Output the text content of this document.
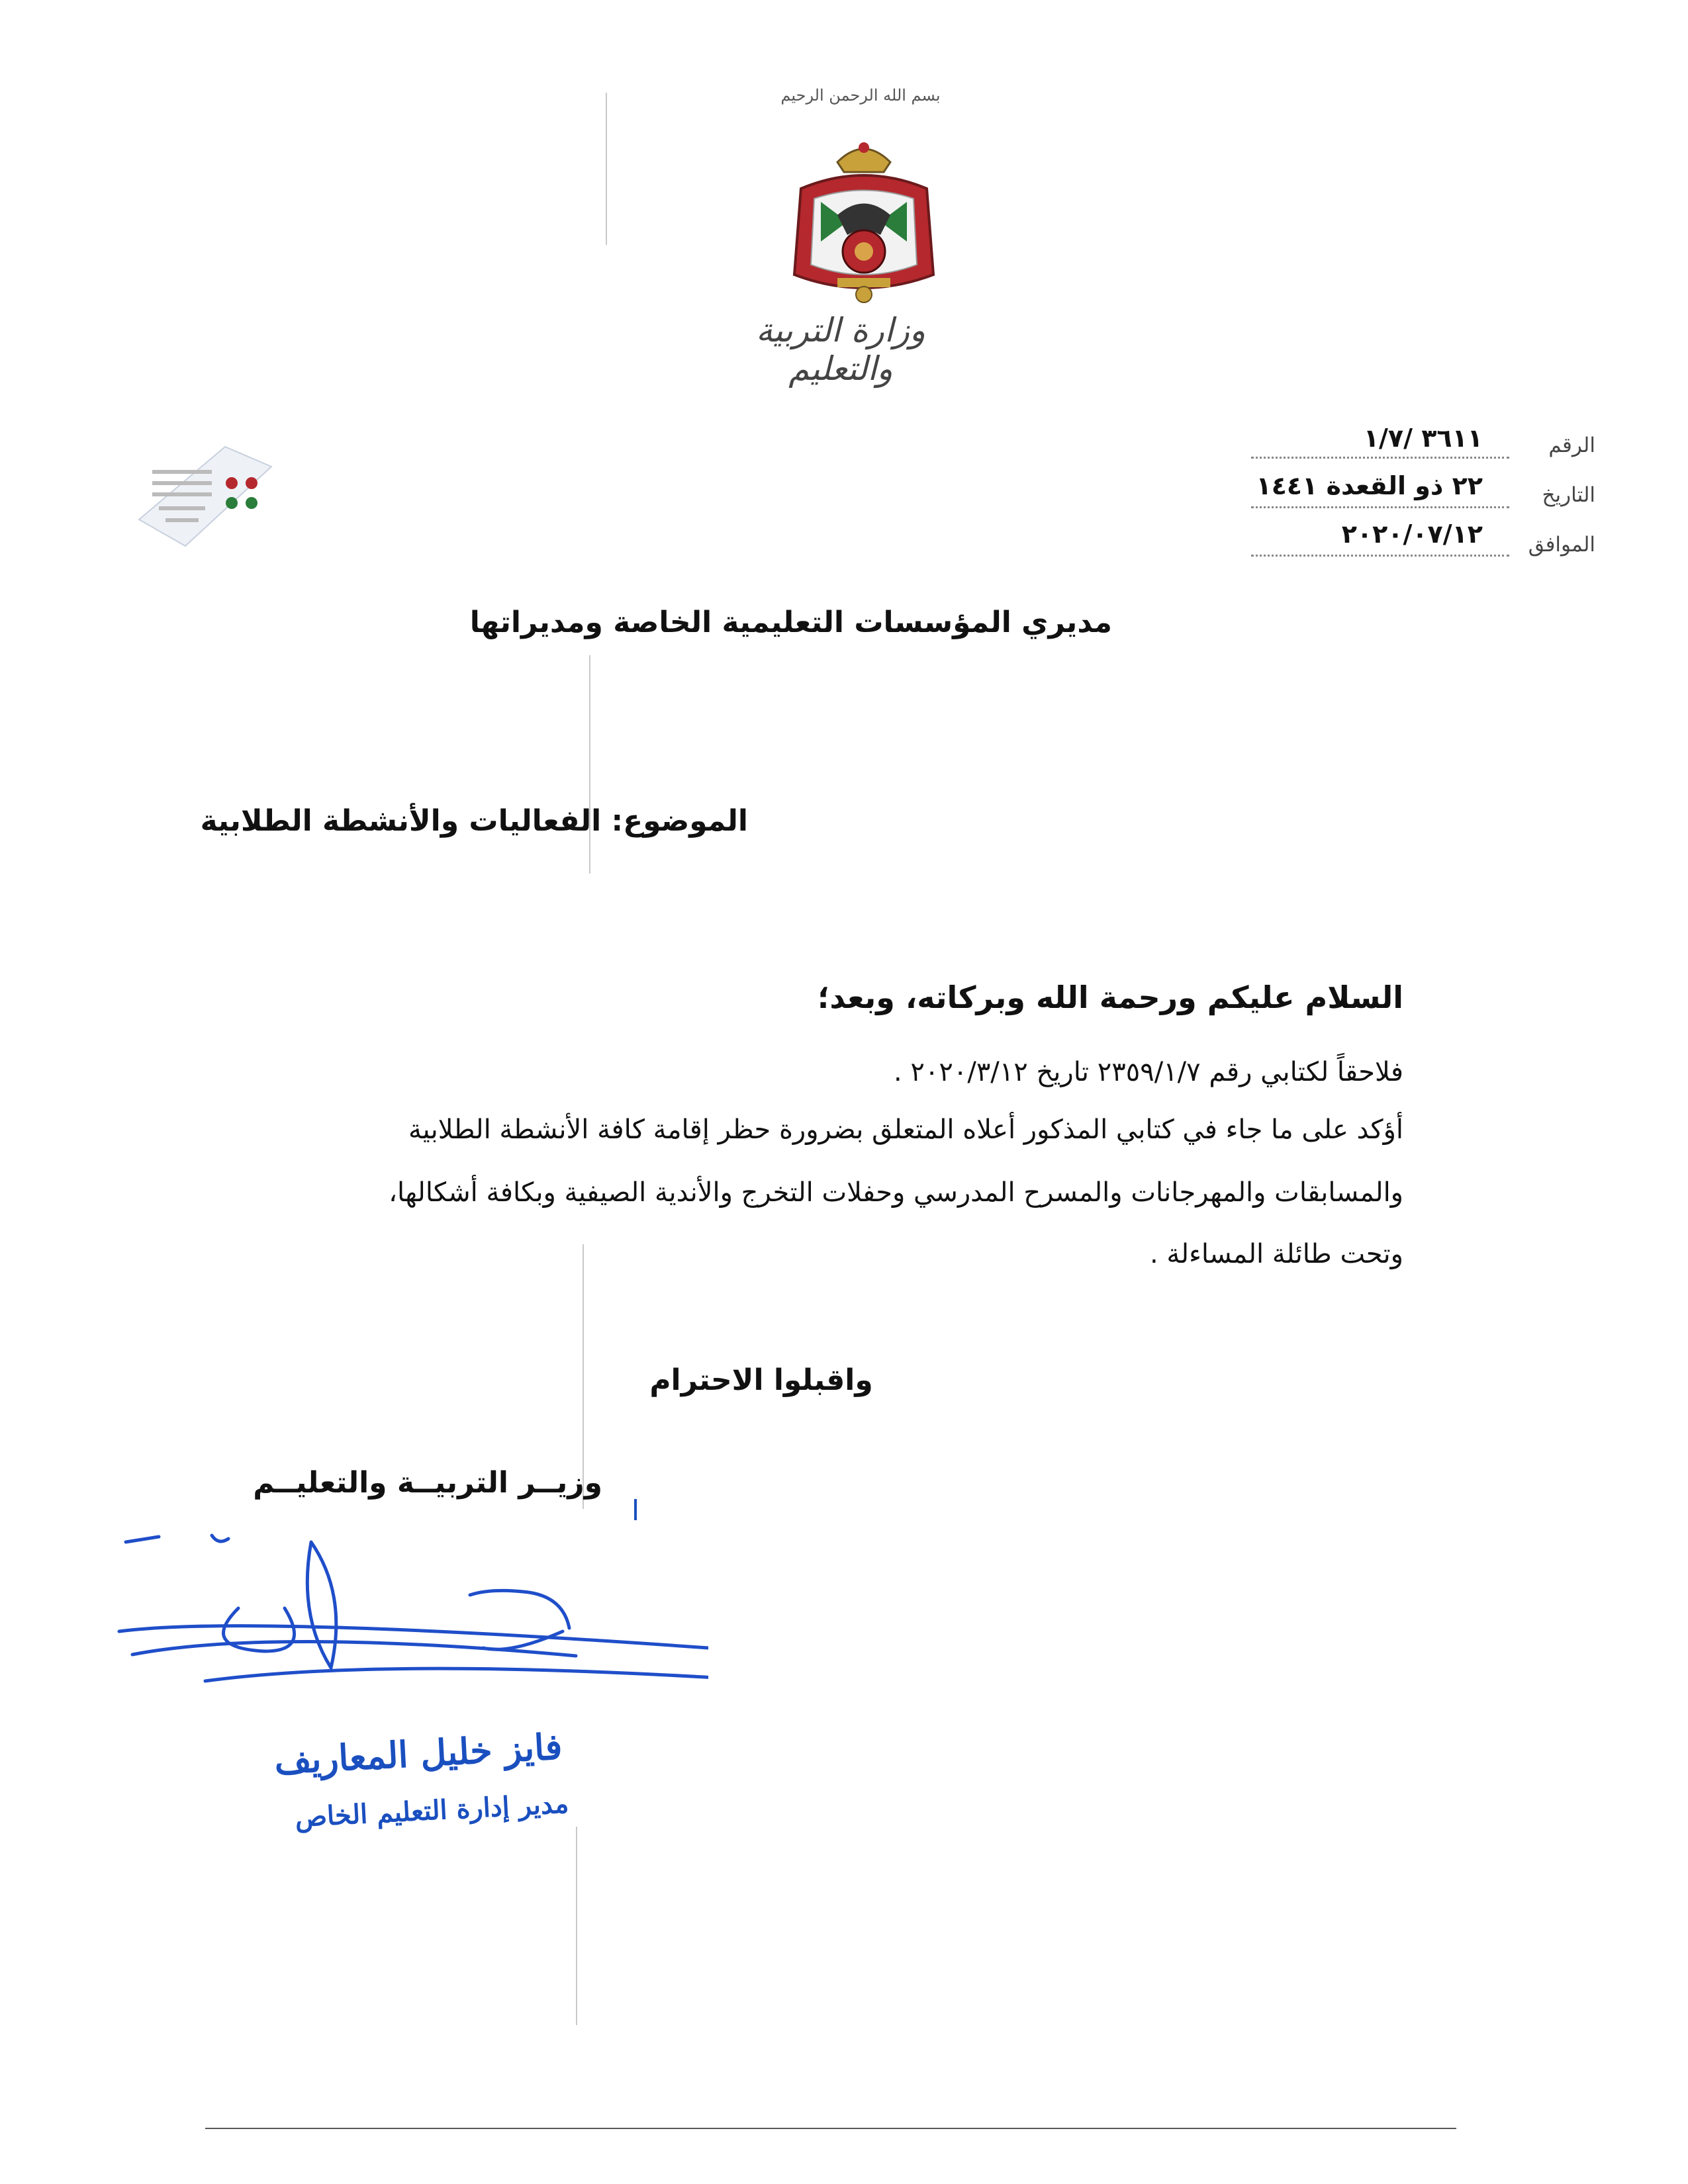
بسم الله الرحمن الرحيم
وزارة التربية والتعليم
الرقم
٣٦١١ /١/٧
التاريخ
٢٢ ذو القعدة ١٤٤١
الموافق
٢٠٢٠/٠٧/١٢
مديري المؤسسات التعليمية الخاصة ومديراتها
الموضوع: الفعاليات والأنشطة الطلابية
السلام عليكم ورحمة الله وبركاته، وبعد؛
فلاحقاً لكتابي رقم ٢٣٥٩/١/٧ تاريخ ٢٠٢٠/٣/١٢ .
أؤكد على ما جاء في كتابي المذكور أعلاه المتعلق بضرورة حظر إقامة كافة الأنشطة الطلابية
والمسابقات والمهرجانات والمسرح المدرسي وحفلات التخرج والأندية الصيفية وبكافة أشكالها،
وتحت طائلة المساءلة .
واقبلوا الاحترام
وزيــر التربيــة والتعليــم
فايز خليل المعاريف
مدير إدارة التعليم الخاص
